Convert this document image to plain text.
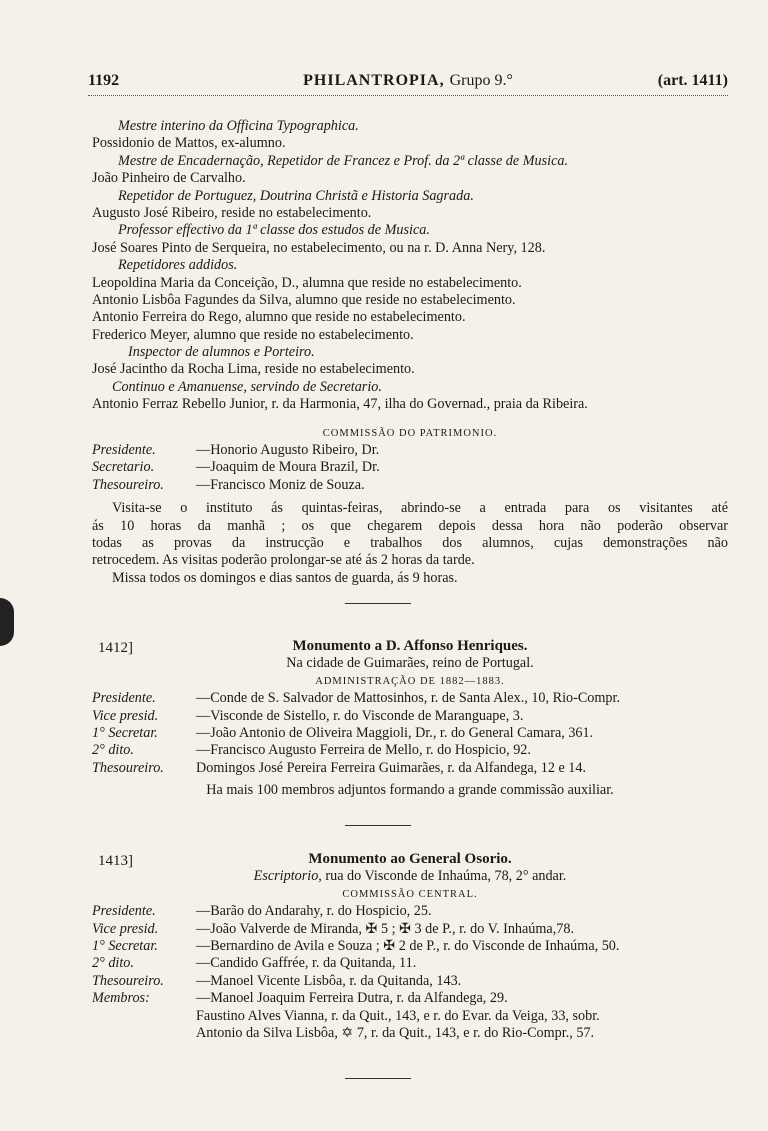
1192	PHILANTROPIA, Grupo 9.°	(art. 1411)
Mestre interino da Officina Typographica.
Possidonio de Mattos, ex-alumno.
Mestre de Encadernação, Repetidor de Francez e Prof. da 2ª classe de Musica.
João Pinheiro de Carvalho.
Repetidor de Portuguez, Doutrina Christã e Historia Sagrada.
Augusto José Ribeiro, reside no estabelecimento.
Professor effectivo da 1ª classe dos estudos de Musica.
José Soares Pinto de Serqueira, no estabelecimento, ou na r. D. Anna Nery, 128.
Repetidores addidos.
Leopoldina Maria da Conceição, D., alumna que reside no estabelecimento.
Antonio Lisbôa Fagundes da Silva, alumno que reside no estabelecimento.
Antonio Ferreira do Rego, alumno que reside no estabelecimento.
Frederico Meyer, alumno que reside no estabelecimento.
Inspector de alumnos e Porteiro.
José Jacintho da Rocha Lima, reside no estabelecimento.
Continuo e Amanuense, servindo de Secretario.
Antonio Ferraz Rebello Junior, r. da Harmonia, 47, ilha do Governad., praia da Ribeira.
COMMISSÃO DO PATRIMONIO.
Presidente.	—Honorio Augusto Ribeiro, Dr.
Secretario.	—Joaquim de Moura Brazil, Dr.
Thesoureiro. —Francisco Moniz de Souza.
Visita-se o instituto ás quintas-feiras, abrindo-se a entrada para os visitantes até
ás 10 horas da manhã ; os que chegarem depois dessa hora não poderão observar
todas as provas da instrucção e trabalhos dos alumnos, cujas demonstrações não
retrocedem. As visitas poderão prolongar-se até ás 2 horas da tarde.
Missa todos os domingos e dias santos de guarda, ás 9 horas.
1412]	Monumento a D. Affonso Henriques.
Na cidade de Guimarães, reino de Portugal.
ADMINISTRAÇÃO DE 1882—1883.
Presidente.	—Conde de S. Salvador de Mattosinhos, r. de Santa Alex., 10, Rio-Compr.
Vice presid.	—Visconde de Sistello, r. do Visconde de Maranguape, 3.
1° Secretar.	—João Antonio de Oliveira Maggioli, Dr., r. do General Camara, 361.
2° dito.	—Francisco Augusto Ferreira de Mello, r. do Hospicio, 92.
Thesoureiro. Domingos José Pereira Ferreira Guimarães, r. da Alfandega, 12 e 14.
Ha mais 100 membros adjuntos formando a grande commissão auxiliar.
1413]	Monumento ao General Osorio.
Escriptorio, rua do Visconde de Inhaúma, 78, 2° andar.
COMMISSÃO CENTRAL.
Presidente.	—Barão do Andarahy, r. do Hospicio, 25.
Vice presid.	—João Valverde de Miranda, ✠ 5 ; ✠ 3 de P., r. do V. Inhaúma,78.
1° Secretar.	—Bernardino de Avila e Souza ; ✠ 2 de P., r. do Visconde de Inhaúma, 50.
2° dito.	—Candido Gaffrée, r. da Quitanda, 11.
Thesoureiro. —Manoel Vicente Lisbôa, r. da Quitanda, 143.
Membros:	—Manoel Joaquim Ferreira Dutra, r. da Alfandega, 29.
Faustino Alves Vianna, r. da Quit., 143, e r. do Evar. da Veiga, 33, sobr.
Antonio da Silva Lisbôa, ✡ 7, r. da Quit., 143, e r. do Rio-Compr., 57.
